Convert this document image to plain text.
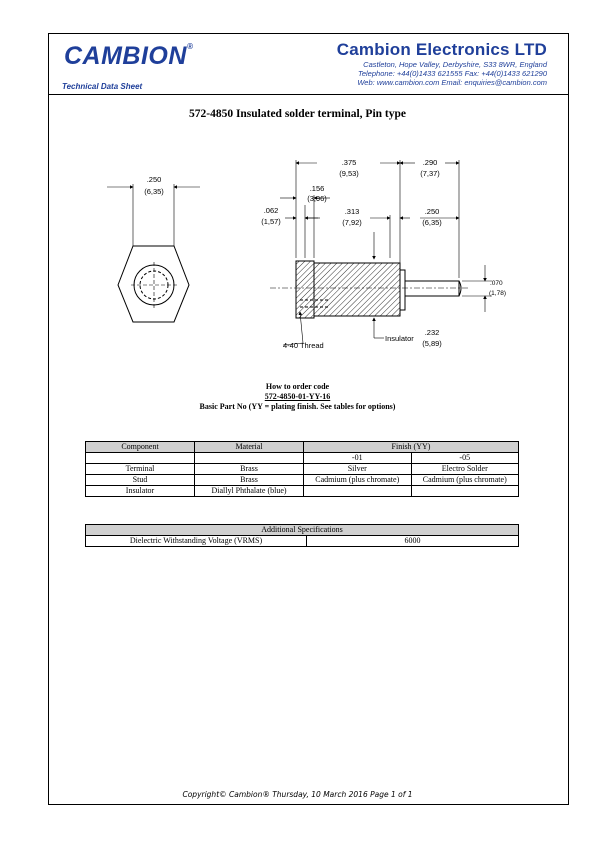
CAMBION®
Technical Data Sheet
Cambion Electronics LTD
Castleton, Hope Valley, Derbyshire, S33 8WR, England
Telephone: +44(0)1433 621555 Fax: +44(0)1433 621290
Web: www.cambion.com Email: enquiries@cambion.com
572-4850 Insulated solder terminal, Pin type
.250
(6,35)
.375
(9,53)
.290
(7,37)
.156
(3,96)
.062
(1,57)
.313
(7,92)
.250
(6,35)
.070
(1,78)
Insulator
.232
(5,89)
4-40 Thread
How to order code
572-4850-01-YY-16
Basic Part No (YY = plating finish. See tables for options)
Component	Material	Finish (YY)	
		-01	-05
Terminal	Brass	Silver	Electro Solder
Stud	Brass	Cadmium (plus chromate)	Cadmium (plus chromate)
Insulator	Diallyl Phthalate (blue)		
Additional Specifications
Dielectric Withstanding Voltage (VRMS)	6000
Copyright© Cambion® Thursday, 10 March 2016 Page 1 of 1
